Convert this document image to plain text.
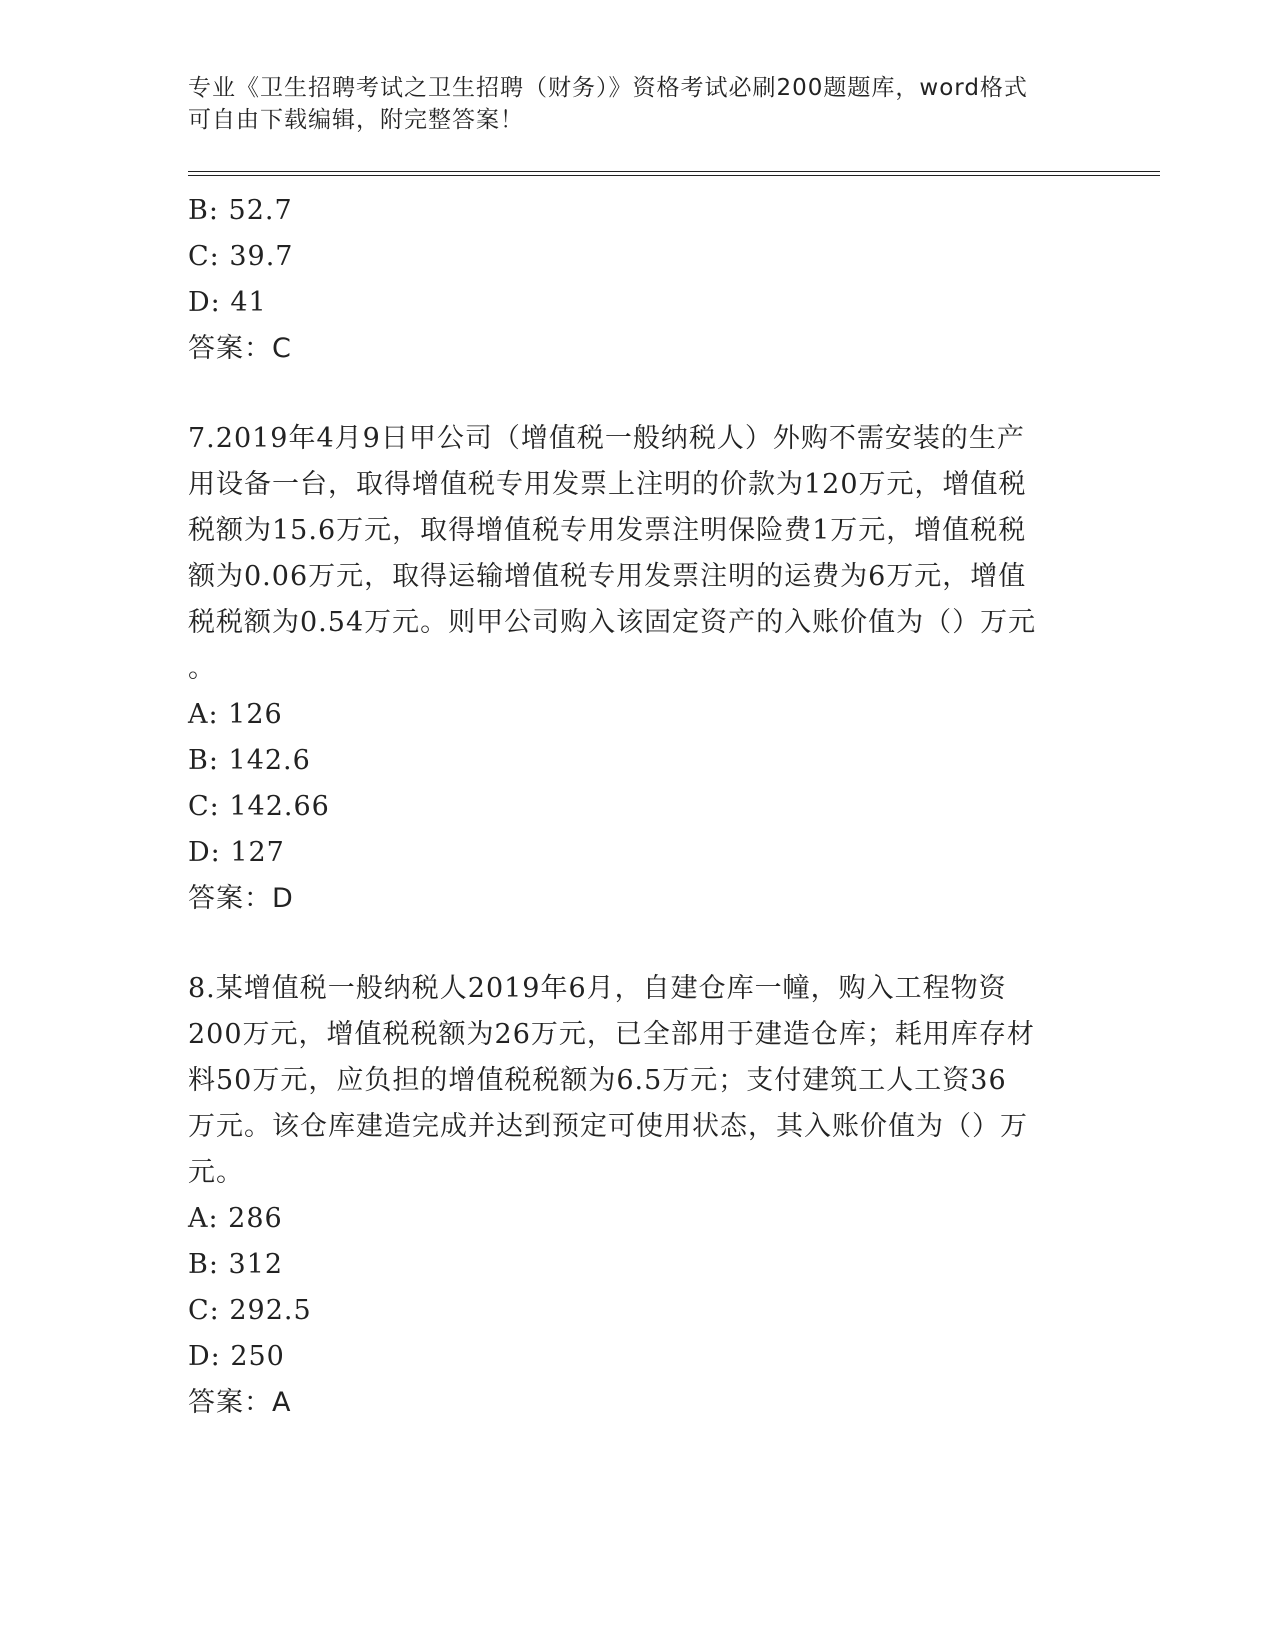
专业《卫生招聘考试之卫生招聘（财务）》资格考试必刷200题题库，word格式
可自由下载编辑，附完整答案！
B: 52.7
C: 39.7
D: 41
答案：C
7.2019年4月9日甲公司（增值税一般纳税人）外购不需安装的生产
用设备一台，取得增值税专用发票上注明的价款为120万元，增值税
税额为15.6万元，取得增值税专用发票注明保险费1万元，增值税税
额为0.06万元，取得运输增值税专用发票注明的运费为6万元，增值
税税额为0.54万元。则甲公司购入该固定资产的入账价值为（）万元
。
A: 126
B: 142.6
C: 142.66
D: 127
答案：D
8.某增值税一般纳税人2019年6月，自建仓库一幢，购入工程物资
200万元，增值税税额为26万元，已全部用于建造仓库；耗用库存材
料50万元，应负担的增值税税额为6.5万元；支付建筑工人工资36
万元。该仓库建造完成并达到预定可使用状态，其入账价值为（）万
元。
A: 286
B: 312
C: 292.5
D: 250
答案：A
